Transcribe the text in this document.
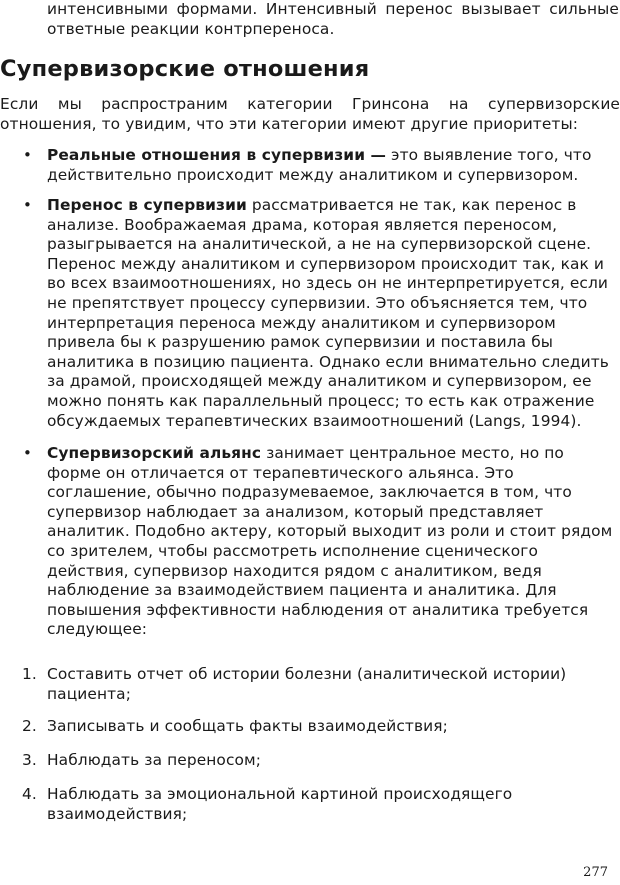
интенсивными формами. Интенсивный перенос вызывает сильные ответные реакции контрпереноса.
Супервизорские отношения
Если мы распространим категории Гринсона на супервизорские отношения, то увидим, что эти категории имеют другие приоритеты:
• Реальные отношения в супервизии — это выявление того, что действительно происходит между аналитиком и супервизором.
• Перенос в супервизии рассматривается не так, как перенос в анализе. Воображаемая драма, которая является переносом, разыгрывается на аналитической, а не на супервизорской сцене. Перенос между аналитиком и супервизором происходит так, как и во всех взаимоотношениях, но здесь он не интерпретируется, если не препятствует процессу супервизии. Это объясняется тем, что интерпретация переноса между аналитиком и супервизором привела бы к разрушению рамок супервизии и поставила бы аналитика в позицию пациента. Однако если внимательно следить за драмой, происходящей между аналитиком и супервизором, ее можно понять как параллельный процесс; то есть как отражение обсуждаемых терапевтических взаимоотношений (Langs, 1994).
• Супервизорский альянс занимает центральное место, но по форме он отличается от терапевтического альянса. Это соглашение, обычно подразумеваемое, заключается в том, что супервизор наблюдает за анализом, который представляет аналитик. Подобно актеру, который выходит из роли и стоит рядом со зрителем, чтобы рассмотреть исполнение сценического действия, супервизор находится рядом с аналитиком, ведя наблюдение за взаимодействием пациента и аналитика. Для повышения эффективности наблюдения от аналитика требуется следующее:
1. Составить отчет об истории болезни (аналитической истории) пациента;
2. Записывать и сообщать факты взаимодействия;
3. Наблюдать за переносом;
4. Наблюдать за эмоциональной картиной происходящего взаимодействия;
277
